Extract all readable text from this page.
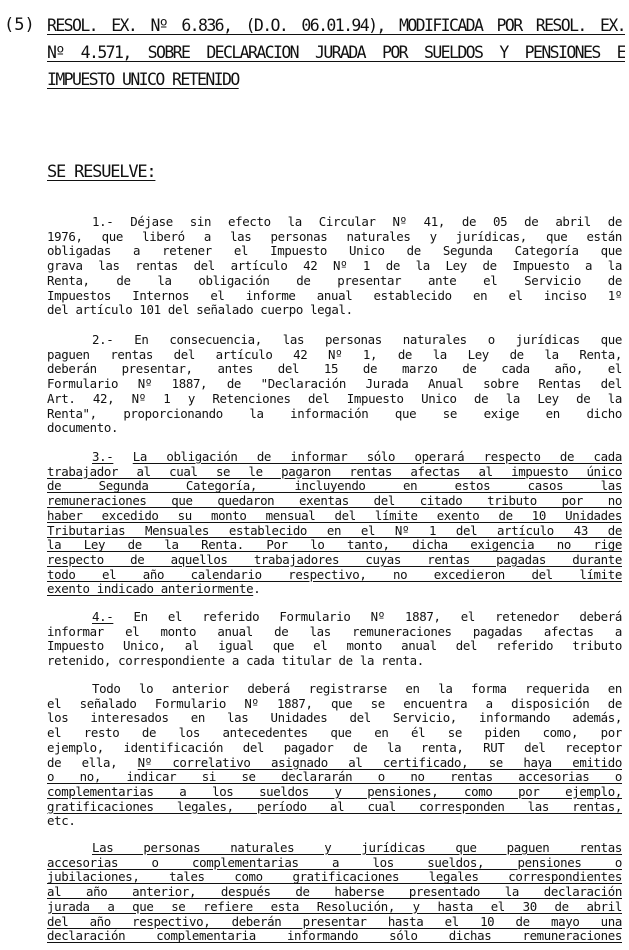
(5) RESOL. EX. Nº 6.836, (D.O. 06.01.94), MODIFICADA POR RESOL. EX.
Nº 4.571, SOBRE DECLARACION JURADA POR SUELDOS Y PENSIONES E
IMPUESTO UNICO RETENIDO
SE RESUELVE:
1.- Déjase sin efecto la Circular Nº 41, de 05 de abril de
1976, que liberó a las personas naturales y jurídicas, que están
obligadas a retener el Impuesto Unico de Segunda Categoría que
grava las rentas del artículo 42 Nº 1 de la Ley de Impuesto a la
Renta, de la obligación de presentar ante el Servicio de
Impuestos Internos el informe anual establecido en el inciso 1º
del artículo 101 del señalado cuerpo legal.
2.- En consecuencia, las personas naturales o jurídicas que
paguen rentas del artículo 42 Nº 1, de la Ley de la Renta,
deberán presentar, antes del 15 de marzo de cada año, el
Formulario Nº 1887, de "Declaración Jurada Anual sobre Rentas del
Art. 42, Nº 1 y Retenciones del Impuesto Unico de la Ley de la
Renta", proporcionando la información que se exige en dicho
documento.
3.- La obligación de informar sólo operará respecto de cada
trabajador al cual se le pagaron rentas afectas al impuesto único
de Segunda Categoría, incluyendo en estos casos las
remuneraciones que quedaron exentas del citado tributo por no
haber excedido su monto mensual del límite exento de 10 Unidades
Tributarias Mensuales establecido en el Nº 1 del artículo 43 de
la Ley de la Renta. Por lo tanto, dicha exigencia no rige
respecto de aquellos trabajadores cuyas rentas pagadas durante
todo el año calendario respectivo, no excedieron del límite
exento indicado anteriormente.
4.- En el referido Formulario Nº 1887, el retenedor deberá
informar el monto anual de las remuneraciones pagadas afectas a
Impuesto Unico, al igual que el monto anual del referido tributo
retenido, correspondiente a cada titular de la renta.
Todo lo anterior deberá registrarse en la forma requerida en
el señalado Formulario Nº 1887, que se encuentra a disposición de
los interesados en las Unidades del Servicio, informando además,
el resto de los antecedentes que en él se piden como, por
ejemplo, identificación del pagador de la renta, RUT del receptor
de ella, Nº correlativo asignado al certificado, se haya emitido
o no, indicar si se declararán o no rentas accesorias o
complementarias a los sueldos y pensiones, como por ejemplo,
gratificaciones legales, período al cual corresponden las rentas,
etc.
Las personas naturales y jurídicas que paguen rentas
accesorias o complementarias a los sueldos, pensiones o
jubilaciones, tales como gratificaciones legales correspondientes
al año anterior, después de haberse presentado la declaración
jurada a que se refiere esta Resolución, y hasta el 30 de abril
del año respectivo, deberán presentar hasta el 10 de mayo una
declaración complementaria informando sólo dichas remuneraciones
